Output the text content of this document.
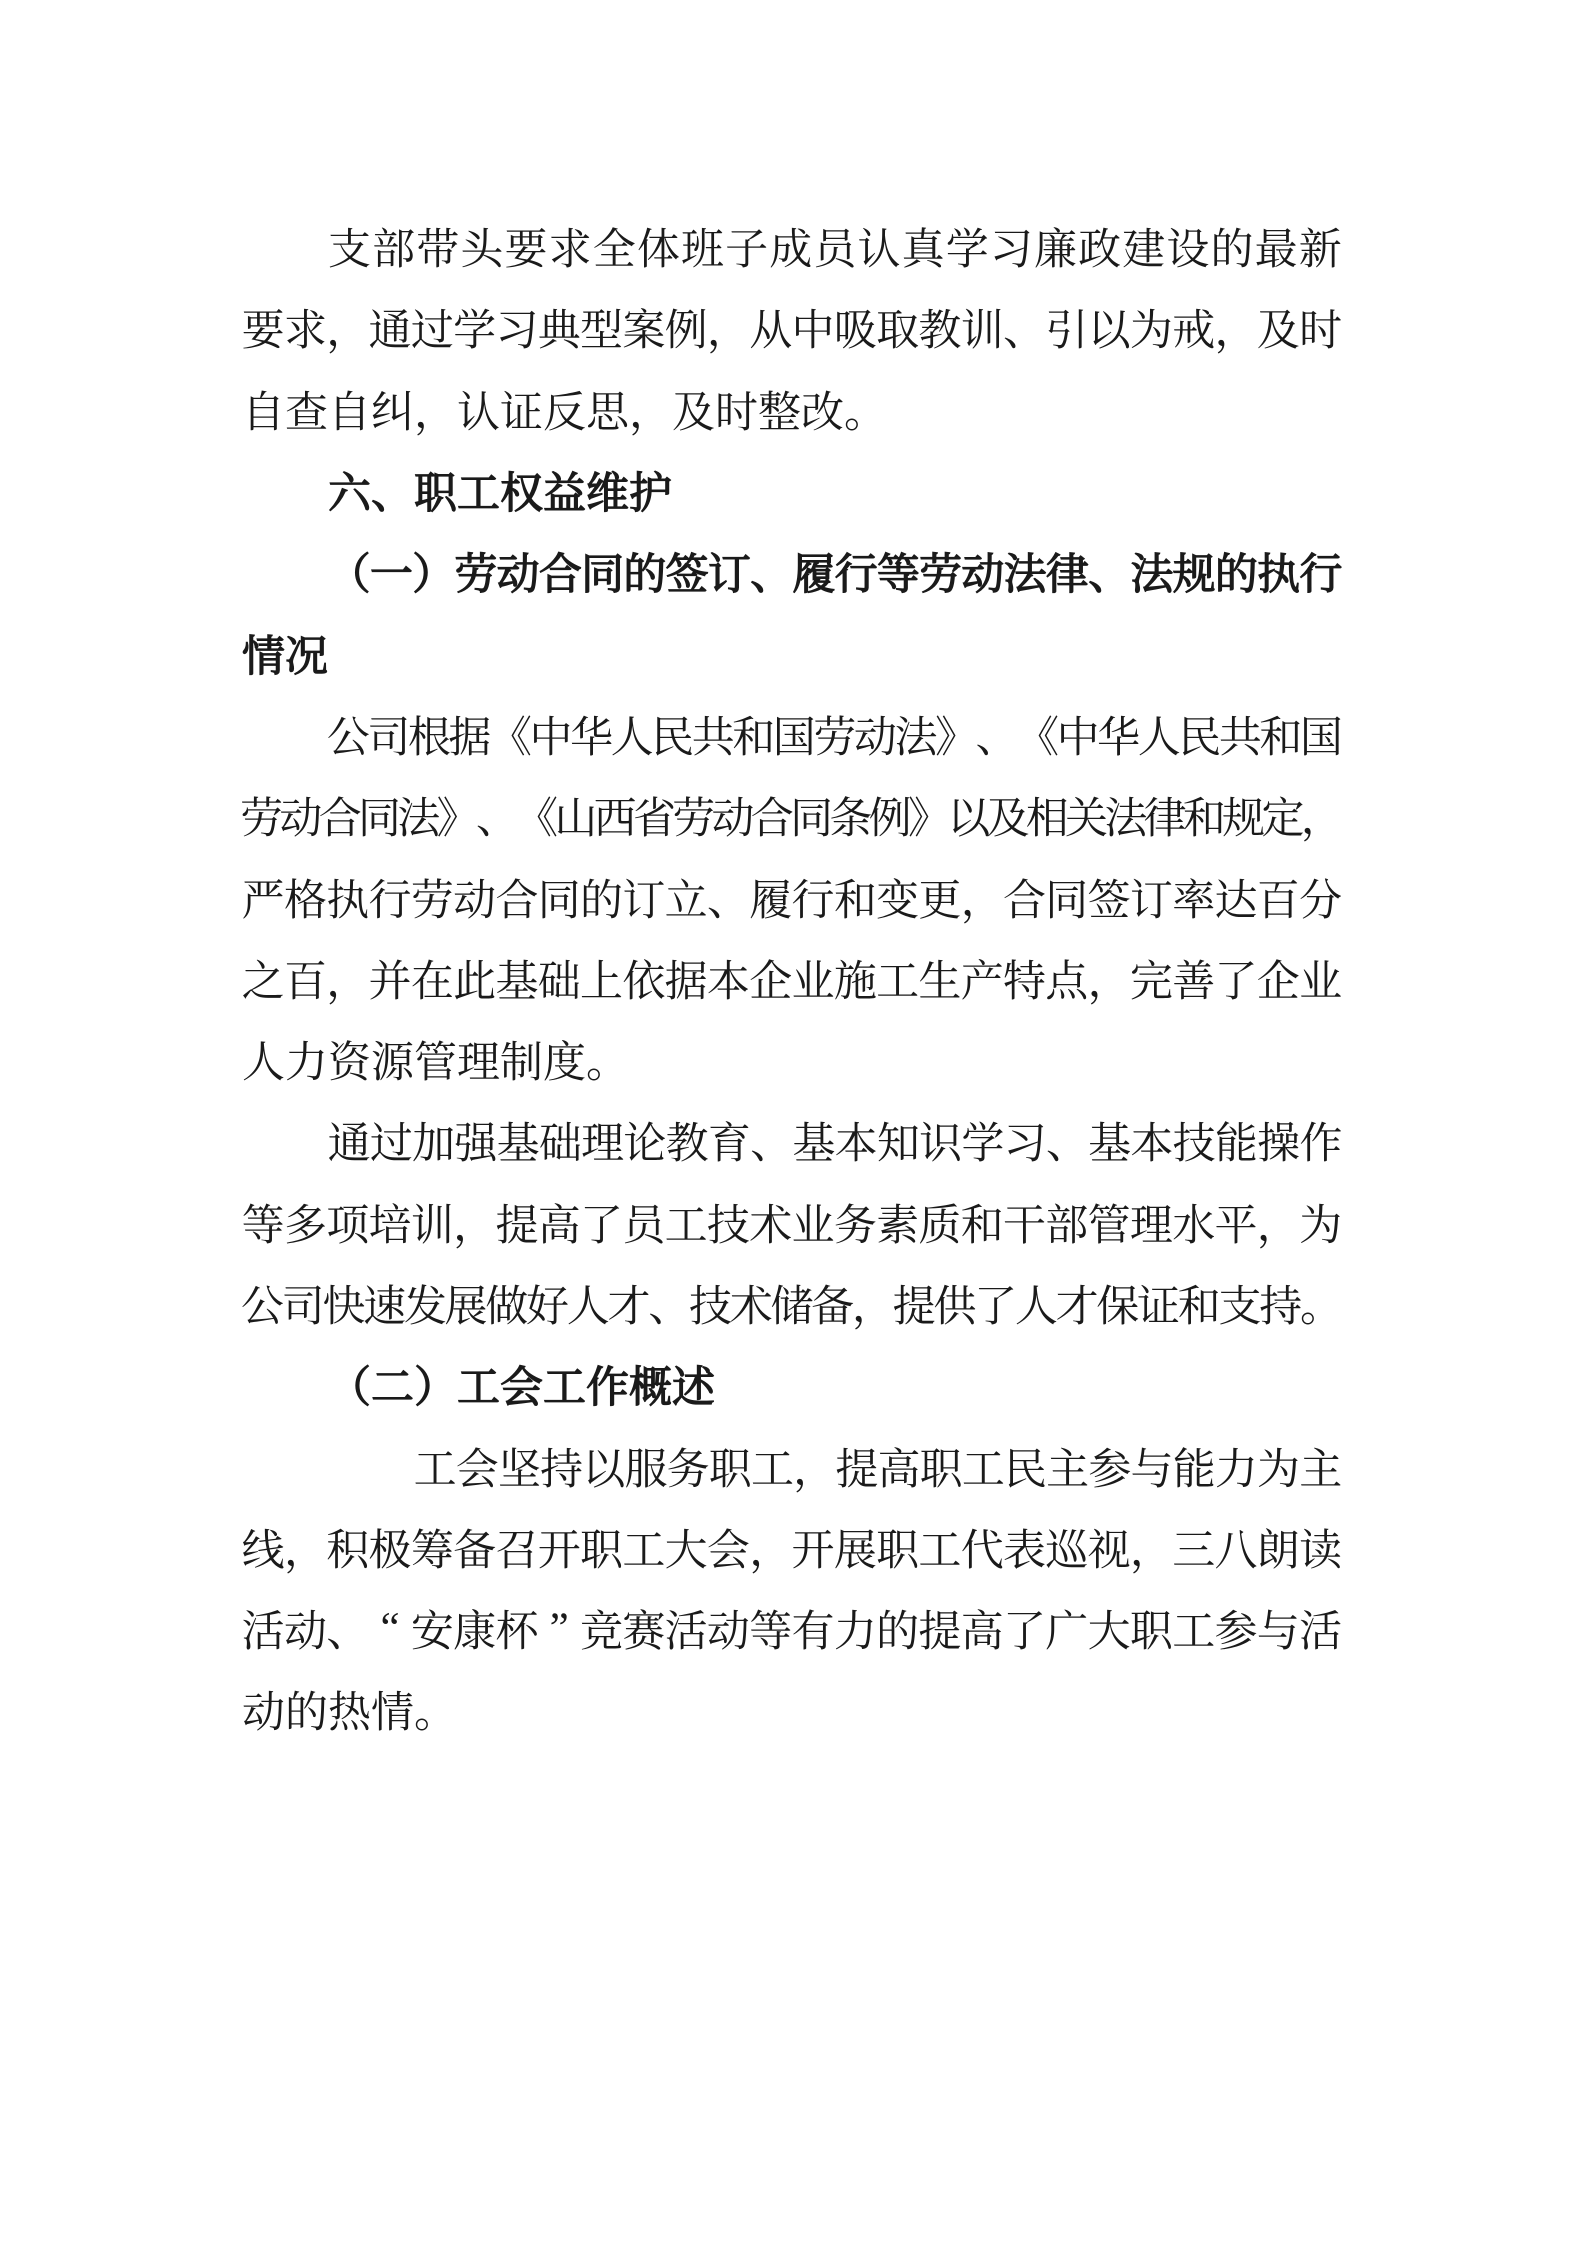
支 部 带 头 要 求 全 体 班 子 成 员 认 真 学 习 廉 政 建 设 的 最 新
要 求 ， 通 过 学 习 典 型 案 例 ， 从 中 吸 取 教 训 、 引 以 为 戒 ， 及 时
自 查 自 纠 ， 认 证 反 思 ， 及 时 整 改 。
六 、 职 工 权 益 维 护
（ 一 ） 劳 动 合 同 的 签 订 、 履 行 等 劳 动 法 律 、 法 规 的 执 行
情 况
公
司
根
据
《
中
华
人
民
共
和
国
劳
动
法
》
、
《
中
华
人
民
共
和
国
劳
动
合
同
法
》
、
《
山
西
省
劳
动
合
同
条
例
》
以
及
相
关
法
律
和
规
定
，
严 格 执 行 劳 动 合 同 的 订 立 、 履 行 和 变 更 ， 合 同 签 订 率 达 百 分
之 百 ， 并 在 此 基 础 上 依 据 本 企 业 施 工 生 产 特 点 ， 完 善 了 企 业
人 力 资 源 管 理 制 度 。
通 过 加 强 基 础 理 论 教 育 、 基 本 知 识 学 习 、 基 本 技 能 操 作
等 多 项 培 训 ， 提 高 了 员 工 技 术 业 务 素 质 和 干 部 管 理 水 平 ， 为
公
司
快
速
发
展
做
好
人
才
、
技
术
储
备
，
提
供
了
人
才
保
证
和
支
持
。
（ 二 ） 工 会 工 作 概 述
工 会 坚 持 以 服 务 职 工 ， 提 高 职 工 民 主 参 与 能 力 为 主
线 ， 积 极 筹 备 召 开 职 工 大 会 ， 开 展 职 工 代 表 巡 视 ， 三 八 朗 读
活 动 、 “ 安 康 杯 ” 竞 赛 活 动 等 有 力 的 提 高 了 广 大 职 工 参 与 活
动 的 热 情 。
